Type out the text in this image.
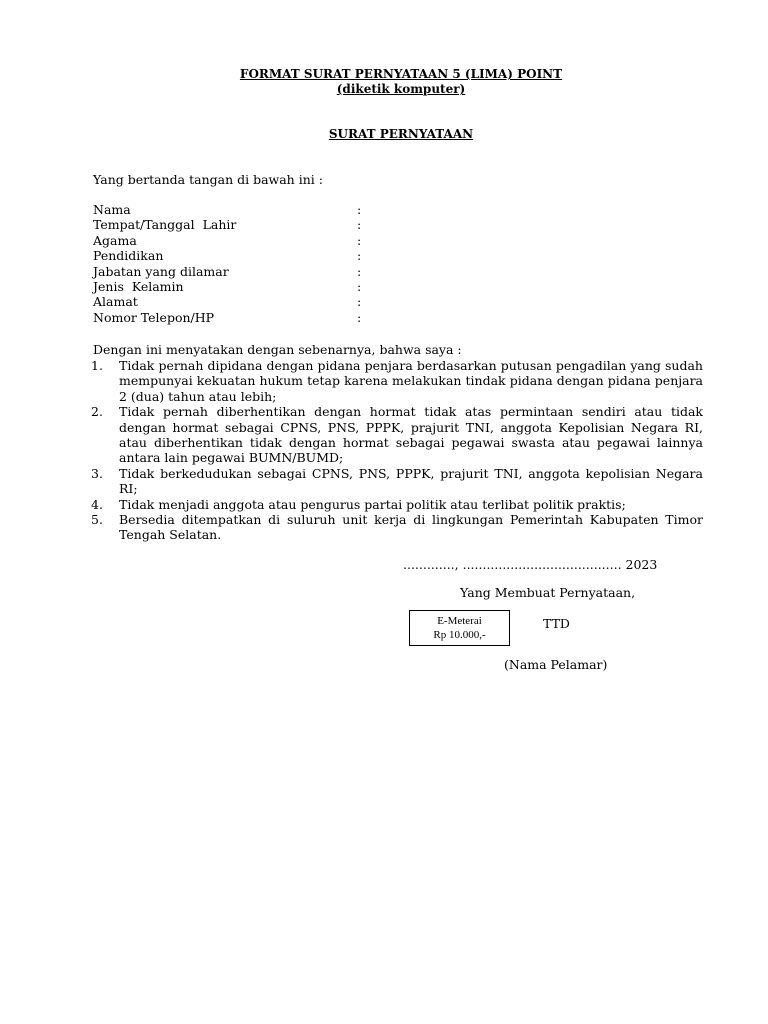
FORMAT SURAT PERNYATAAN 5 (LIMA) POINT
(diketik komputer)
SURAT PERNYATAAN
Yang bertanda tangan di bawah ini :
Nama	:
Tempat/Tanggal  Lahir	:
Agama	:
Pendidikan	:
Jabatan yang dilamar	:
Jenis  Kelamin	:
Alamat	:
Nomor Telepon/HP	:
Dengan ini menyatakan dengan sebenarnya, bahwa saya :
1. Tidak pernah dipidana dengan pidana penjara berdasarkan putusan pengadilan yang sudah mempunyai kekuatan hukum tetap karena melakukan tindak pidana dengan pidana penjara 2 (dua) tahun atau lebih;
2. Tidak pernah diberhentikan dengan hormat tidak atas permintaan sendiri atau tidak dengan hormat sebagai CPNS, PNS, PPPK, prajurit TNI, anggota Kepolisian Negara RI, atau diberhentikan tidak dengan hormat sebagai pegawai swasta atau pegawai lainnya antara lain pegawai BUMN/BUMD;
3. Tidak berkedudukan sebagai CPNS, PNS, PPPK, prajurit TNI, anggota kepolisian Negara RI;
4. Tidak menjadi anggota atau pengurus partai politik atau terlibat politik praktis;
5. Bersedia ditempatkan di suluruh unit kerja di lingkungan Pemerintah Kabupaten Timor Tengah Selatan.
............., ........................................ 2023
Yang Membuat Pernyataan,
E-Meterai
Rp 10.000,-
TTD
(Nama Pelamar)
